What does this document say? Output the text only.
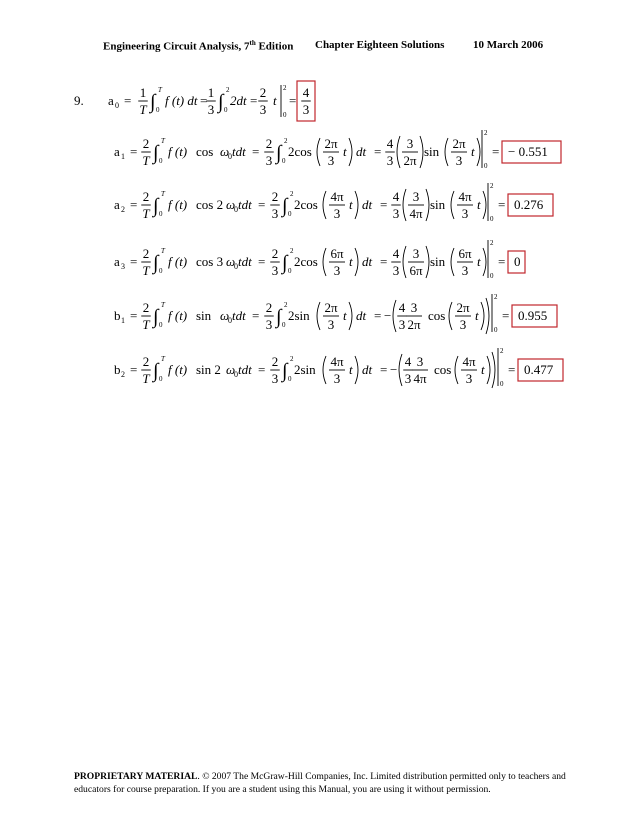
Engineering Circuit Analysis, 7th Edition Chapter Eighteen Solutions	10 March 2006
9. a 0 =
1
T ∫
T
0
f (t) dt =
1
3 ∫
2
0
2dt =
2
3
t
2
0
=
4
3
a 1 =
2
T ∫
T
0
f (t) cos ω
0 tdt =
2
3 ∫
2
0
2cos
2π
3
t dt =
4
3
3
2π
sin
2π
3
t
2
0
= − 0.551
a 2 =
2
T ∫
T
0
f (t) cos 2 ω
0 tdt =
2
3 ∫
2
0
2cos
4π
3
t dt =
4
3
3
4π
sin
4π
3
t
2
0
= 0.276
a 3 =
2
T ∫
T
0
f (t) cos 3 ω
0 tdt =
2
3 ∫
2
0
2cos
6π
3
t dt =
4
3
3
6π
sin
6π
3
t
2
0
= 0
b 1 =
2
T ∫
T
0
f (t) sin ω
0 tdt =
2
3 ∫
2
0
2sin
2π
3
t dt = −
4
3
3
2π
cos
2π
3
t
2
0
= 0.955
b 2 =
2
T ∫
T
0
f (t) sin 2 ω
0 tdt =
2
3 ∫
2
0
2sin
4π
3
t dt = −
4
3
3
4π
cos
4π
3
t
2
0
= 0.477
PROPRIETARY MATERIAL. © 2007 The McGraw-Hill Companies, Inc. Limited distribution permitted only to teachers and educators for course preparation. If you are a student using this Manual, you are using it without permission.
